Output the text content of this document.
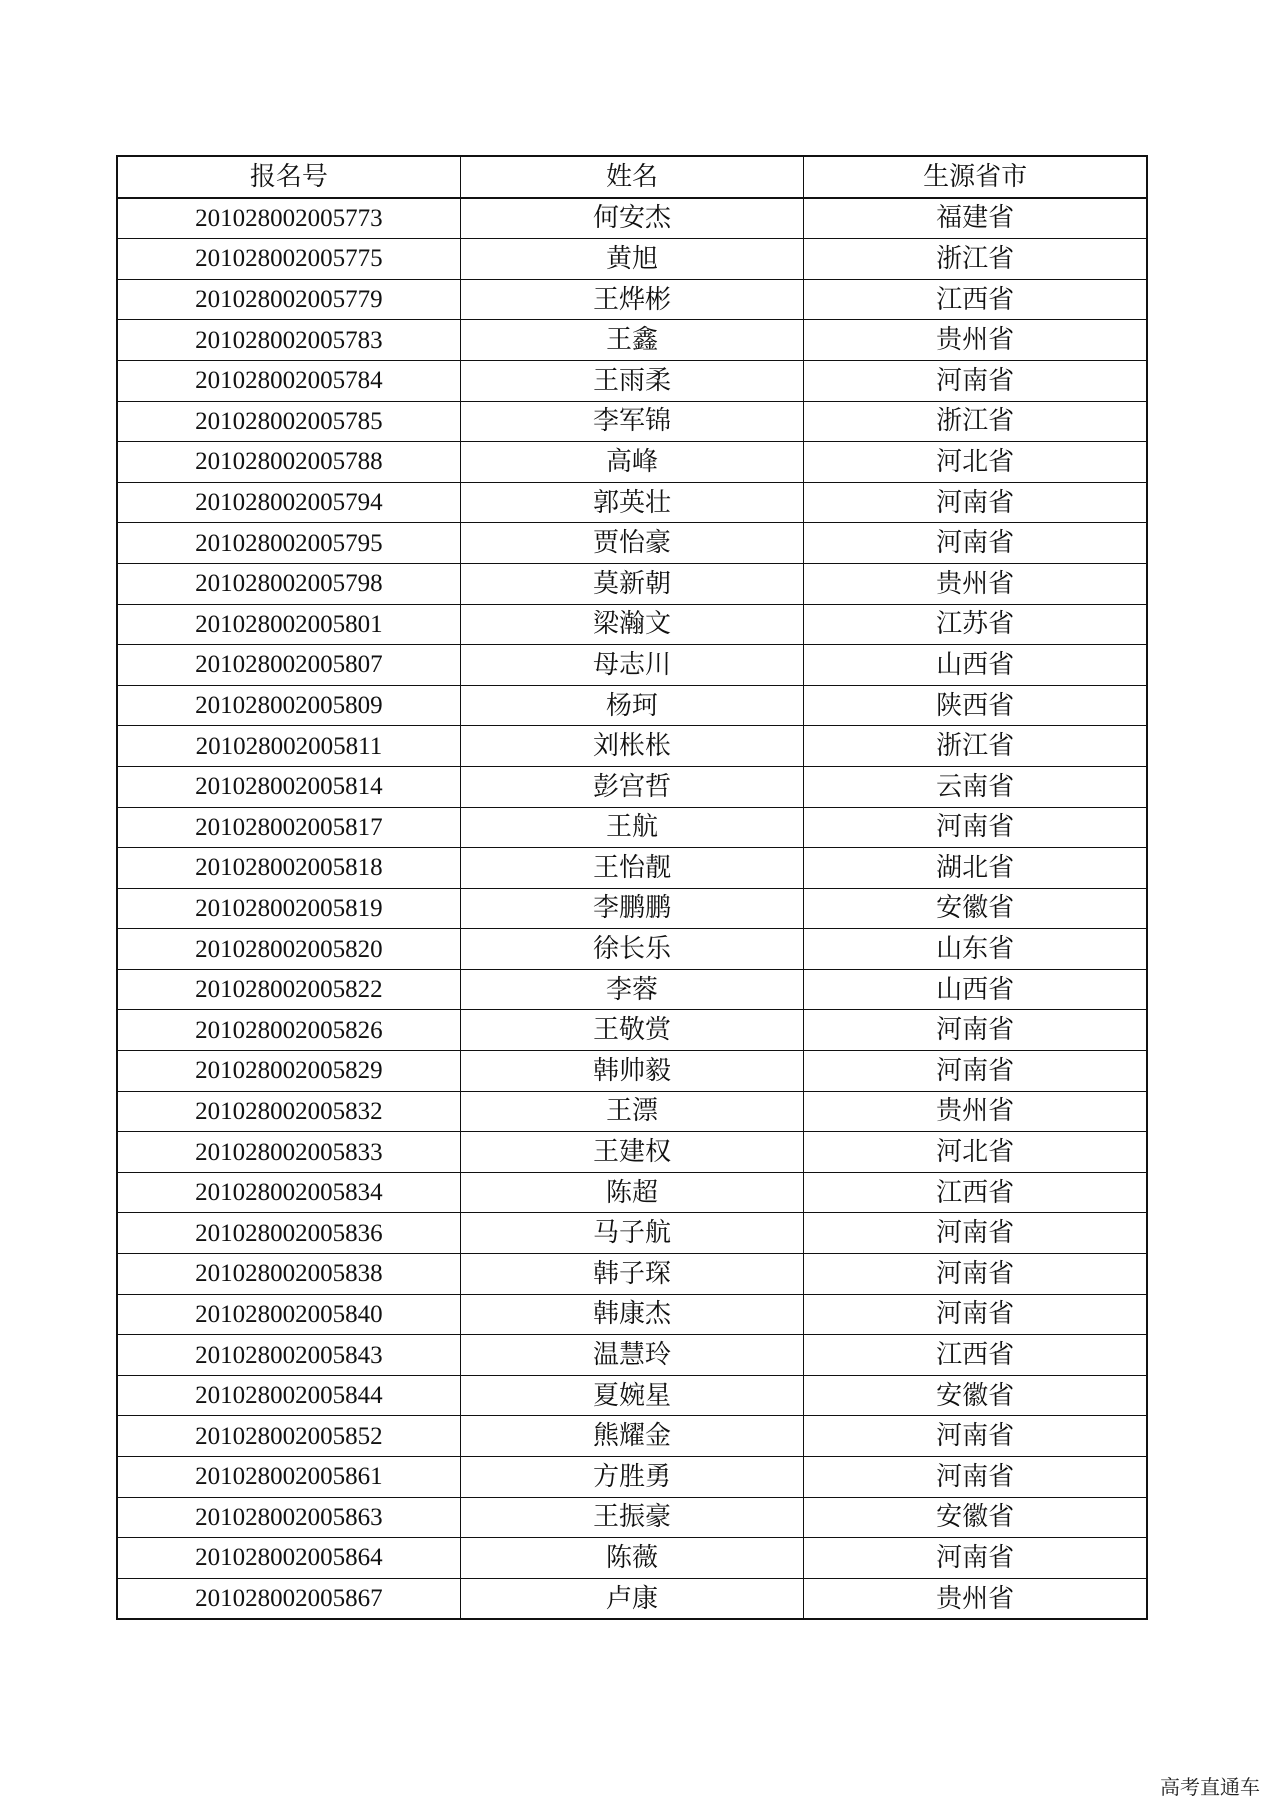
报名号	姓名	生源省市
201028002005773	何安杰	福建省
201028002005775	黄旭	浙江省
201028002005779	王烨彬	江西省
201028002005783	王鑫	贵州省
201028002005784	王雨柔	河南省
201028002005785	李军锦	浙江省
201028002005788	高峰	河北省
201028002005794	郭英壮	河南省
201028002005795	贾怡豪	河南省
201028002005798	莫新朝	贵州省
201028002005801	梁瀚文	江苏省
201028002005807	母志川	山西省
201028002005809	杨珂	陕西省
201028002005811	刘枨枨	浙江省
201028002005814	彭宫哲	云南省
201028002005817	王航	河南省
201028002005818	王怡靓	湖北省
201028002005819	李鹏鹏	安徽省
201028002005820	徐长乐	山东省
201028002005822	李蓉	山西省
201028002005826	王敬赏	河南省
201028002005829	韩帅毅	河南省
201028002005832	王漂	贵州省
201028002005833	王建权	河北省
201028002005834	陈超	江西省
201028002005836	马子航	河南省
201028002005838	韩子琛	河南省
201028002005840	韩康杰	河南省
201028002005843	温慧玲	江西省
201028002005844	夏婉星	安徽省
201028002005852	熊耀金	河南省
201028002005861	方胜勇	河南省
201028002005863	王振豪	安徽省
201028002005864	陈薇	河南省
201028002005867	卢康	贵州省
高考直通车
